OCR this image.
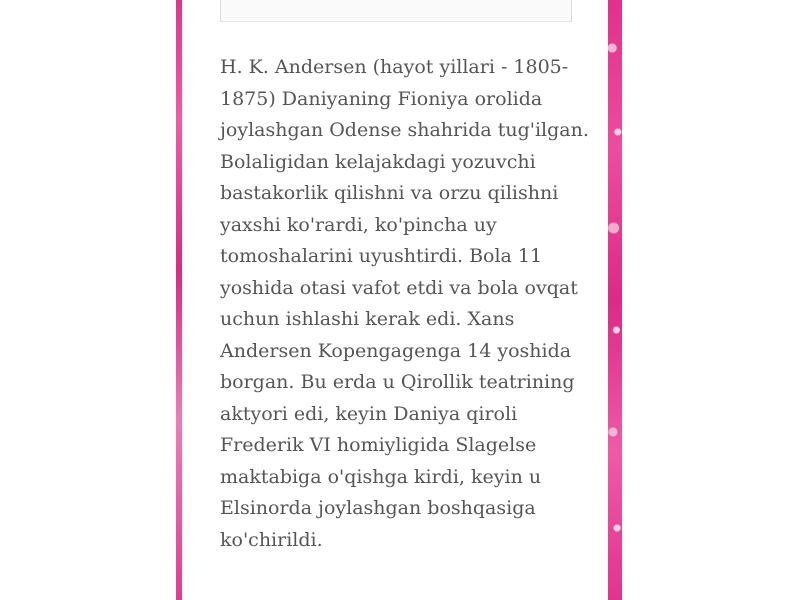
H. K. Andersen (hayot yillari - 1805-1875) Daniyaning Fioniya orolida joylashgan Odense shahrida tug'ilgan. Bolaligidan kelajakdagi yozuvchi bastakorlik qilishni va orzu qilishni yaxshi ko'rardi, ko'pincha uy tomoshalarini uyushtirdi. Bola 11 yoshida otasi vafot etdi va bola ovqat uchun ishlashi kerak edi. Xans Andersen Kopengagenga 14 yoshida borgan. Bu erda u Qirollik teatrining aktyori edi, keyin Daniya qiroli Frederik VI homiyligida Slagelse maktabiga o'qishga kirdi, keyin u Elsinorda joylashgan boshqasiga ko'chirildi.
